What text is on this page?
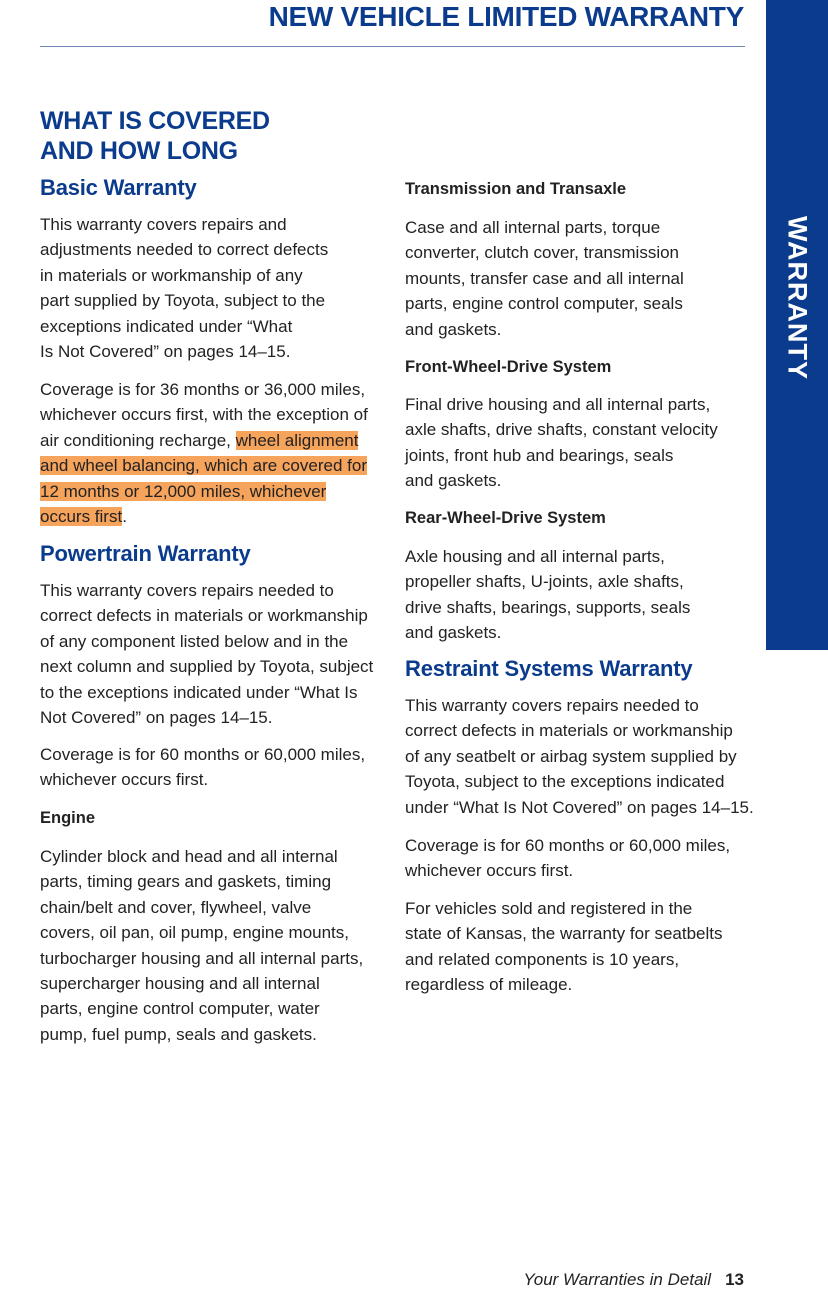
NEW VEHICLE LIMITED WARRANTY
WARRANTY
WHAT IS COVERED
AND HOW LONG
Basic Warranty
This warranty covers repairs and
adjustments needed to correct defects
in materials or workmanship of any
part supplied by Toyota, subject to the
exceptions indicated under “What
Is Not Covered” on pages 14–15.
Coverage is for 36 months or 36,000 miles,
whichever occurs first, with the exception of
air conditioning recharge, wheel alignment
and wheel balancing, which are covered for
12 months or 12,000 miles, whichever
occurs first.
Powertrain Warranty
This warranty covers repairs needed to
correct defects in materials or workmanship
of any component listed below and in the
next column and supplied by Toyota, subject
to the exceptions indicated under “What Is
Not Covered” on pages 14–15.
Coverage is for 60 months or 60,000 miles,
whichever occurs first.
Engine
Cylinder block and head and all internal
parts, timing gears and gaskets, timing
chain/belt and cover, flywheel, valve
covers, oil pan, oil pump, engine mounts,
turbocharger housing and all internal parts,
supercharger housing and all internal
parts, engine control computer, water
pump, fuel pump, seals and gaskets.
Transmission and Transaxle
Case and all internal parts, torque
converter, clutch cover, transmission
mounts, transfer case and all internal
parts, engine control computer, seals
and gaskets.
Front-Wheel-Drive System
Final drive housing and all internal parts,
axle shafts, drive shafts, constant velocity
joints, front hub and bearings, seals
and gaskets.
Rear-Wheel-Drive System
Axle housing and all internal parts,
propeller shafts, U-joints, axle shafts,
drive shafts, bearings, supports, seals
and gaskets.
Restraint Systems Warranty
This warranty covers repairs needed to
correct defects in materials or workmanship
of any seatbelt or airbag system supplied by
Toyota, subject to the exceptions indicated
under “What Is Not Covered” on pages 14–15.
Coverage is for 60 months or 60,000 miles,
whichever occurs first.
For vehicles sold and registered in the
state of Kansas, the warranty for seatbelts
and related components is 10 years,
regardless of mileage.
Your Warranties in Detail 13
